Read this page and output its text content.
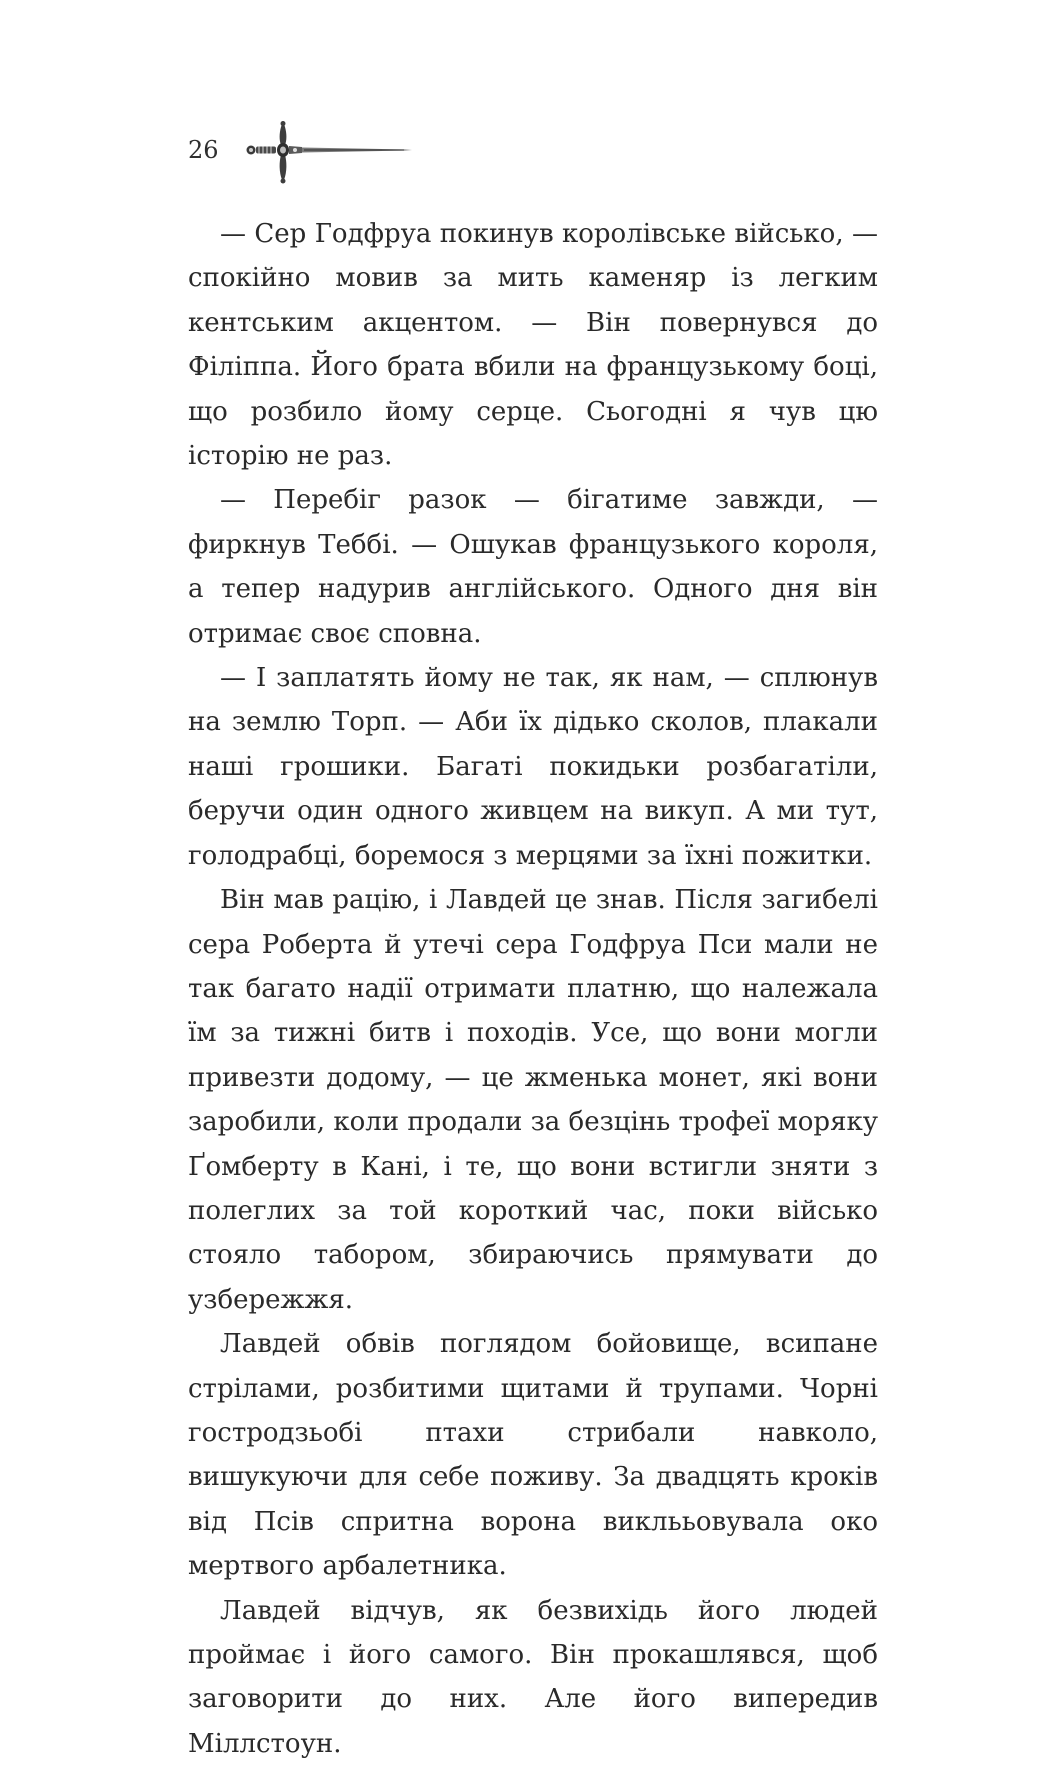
26

— Сер Годфруа покинув королівське військо, — спокійно мовив за мить каменяр із легким кентським акцентом. — Він повернувся до Філіппа. Його брата вбили на французькому боці, що розбило йому серце. Сьогодні я чув цю історію не раз.

— Перебіг разок — бігатиме завжди, — фиркнув Теббі. — Ошукав французького короля, а тепер надурив англійського. Одного дня він отримає своє сповна.

— І заплатять йому не так, як нам, — сплюнув на землю Торп. — Аби їх дідько сколов, плакали наші грошики. Багаті покидьки розбагатіли, беручи один одного живцем на викуп. А ми тут, голодрабці, боремося з мерцями за їхні пожитки.

Він мав рацію, і Лавдей це знав. Після загибелі сера Роберта й утечі сера Годфруа Пси мали не так багато надії отримати платню, що належала їм за тижні битв і походів. Усе, що вони могли привезти додому, — це жменька монет, які вони заробили, коли продали за безцінь трофеї моряку Ґомберту в Кані, і те, що вони встигли зняти з полеглих за той короткий час, поки військо стояло табором, збираючись прямувати до узбережжя.

Лавдей обвів поглядом бойовище, всипане стрілами, розбитими щитами й трупами. Чорні гостродзьобі птахи стрибали навколо, вишукуючи для себе поживу. За двадцять кроків від Псів спритна ворона виклььовувала око мертвого арбалетника.

Лавдей відчув, як безвихідь його людей проймає і його самого. Він прокашлявся, щоб заговорити до них. Але його випередив Міллстоун.
